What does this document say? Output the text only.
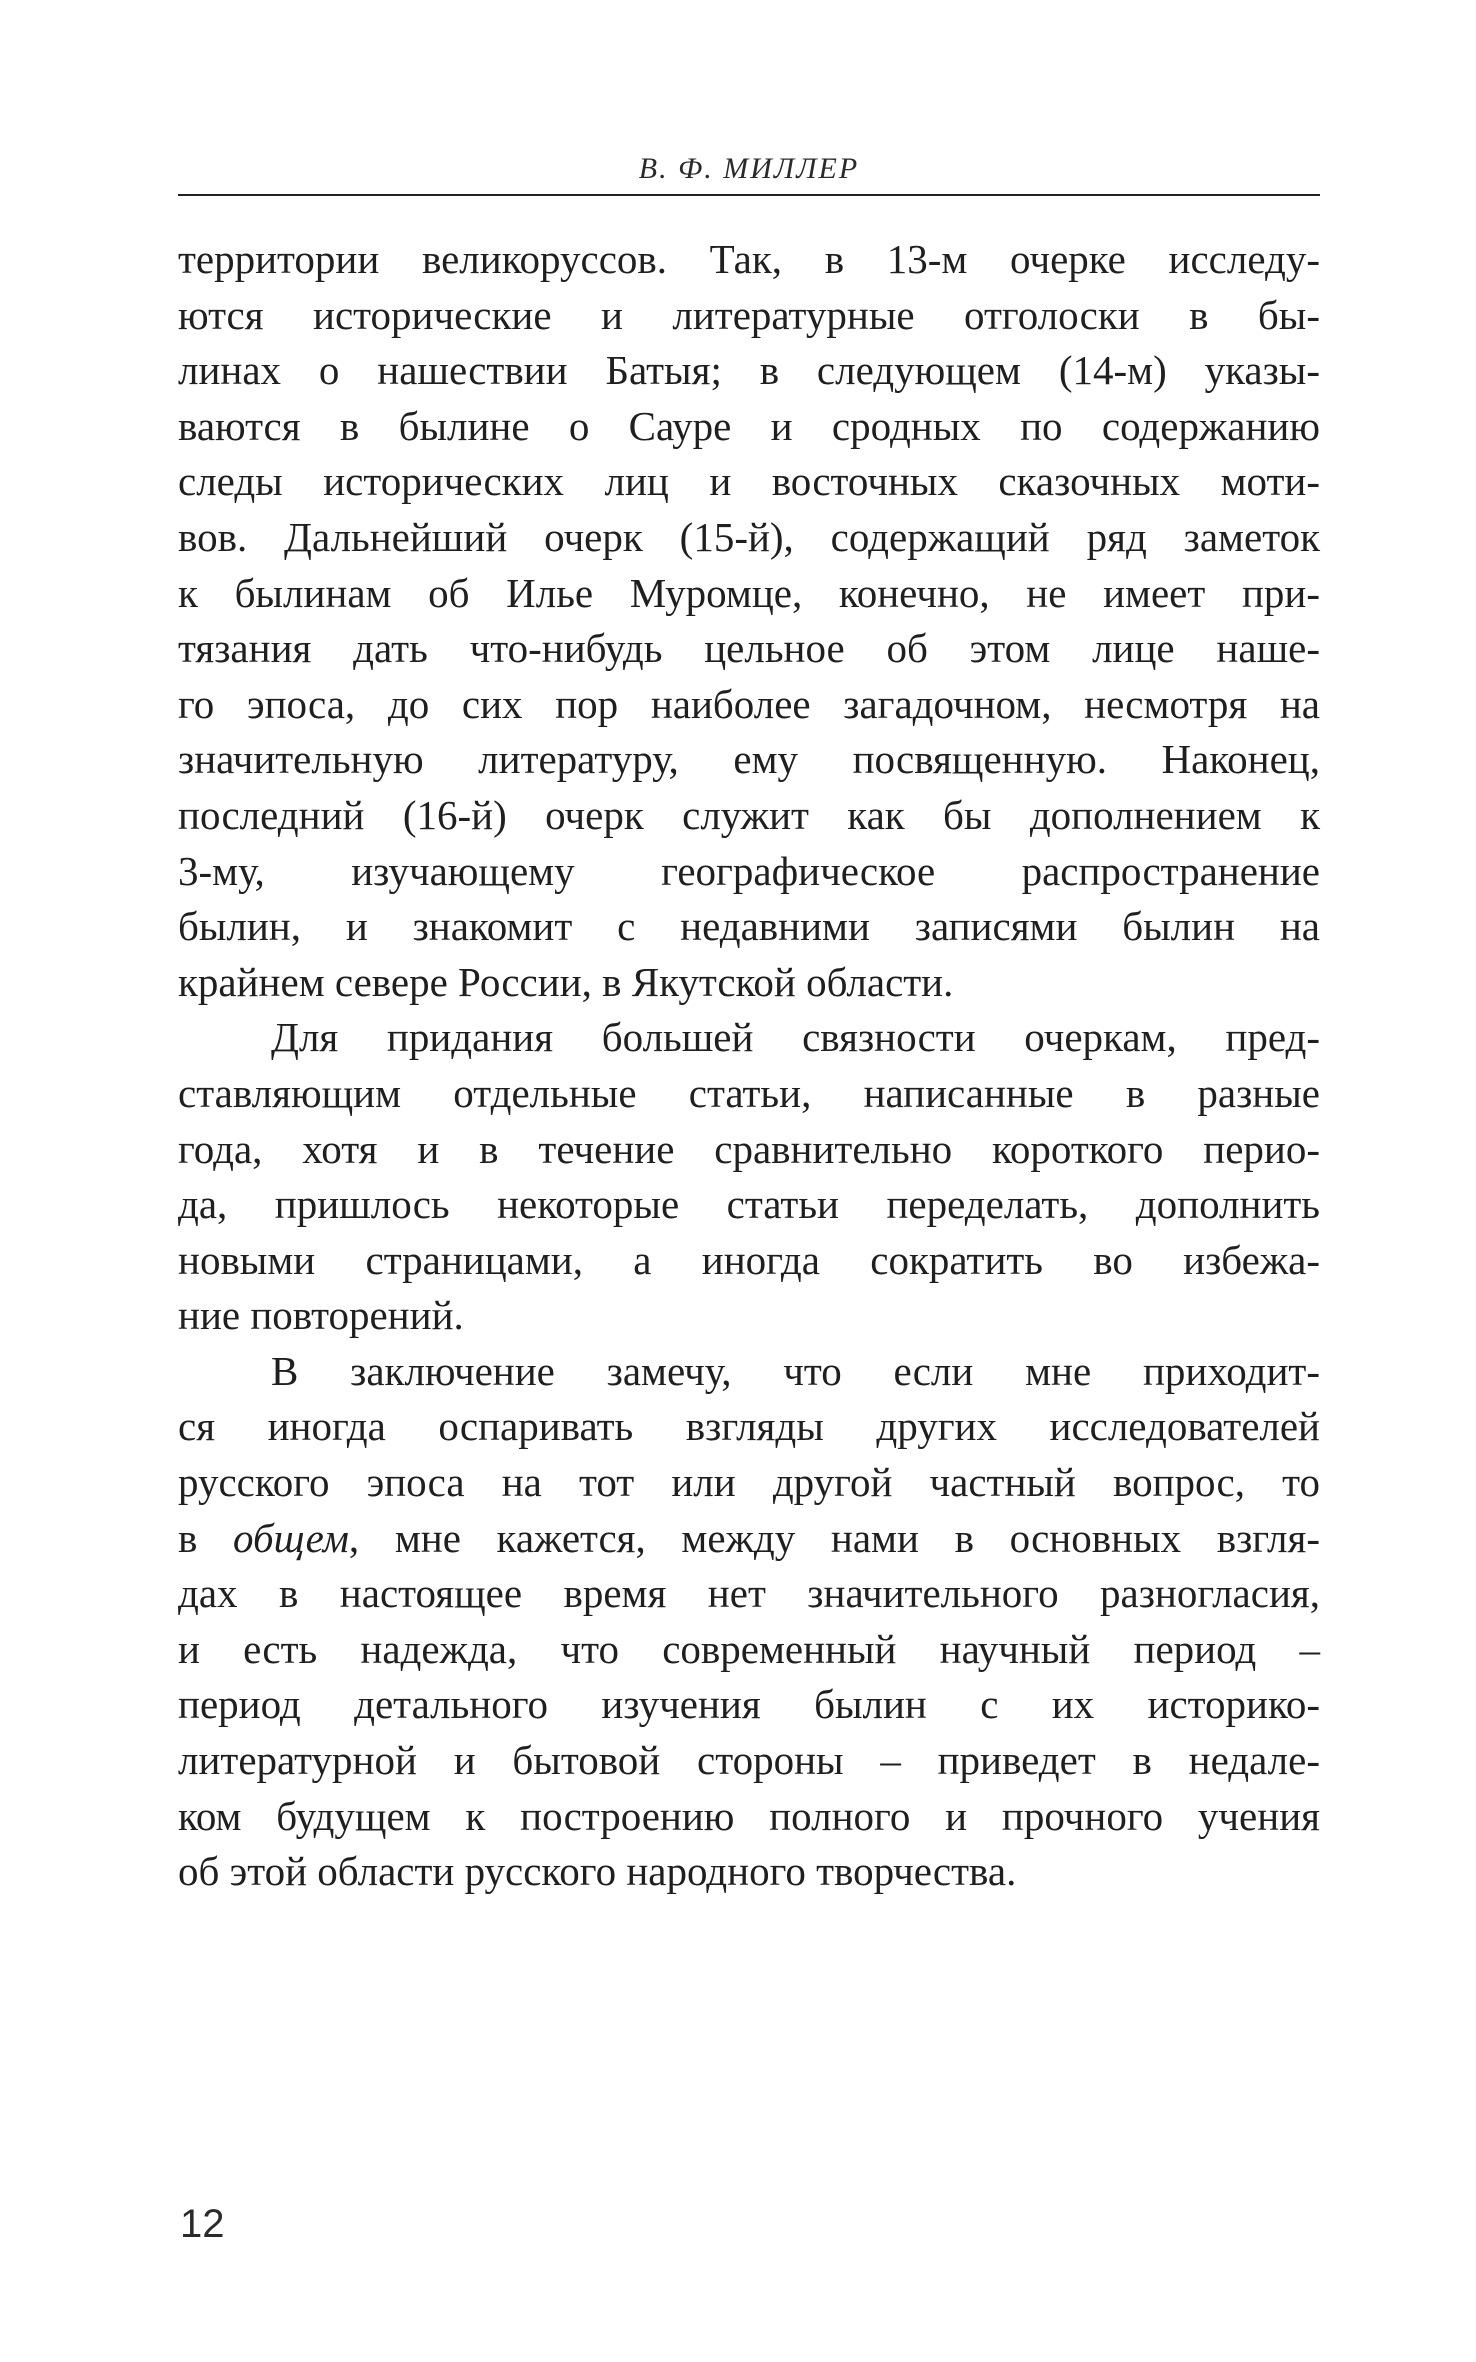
В. Ф. МИЛЛЕР
территории великоруссов. Так, в 13-м очерке исследу-
ются исторические и литературные отголоски в бы-
линах о нашествии Батыя; в следующем (14-м) указы-
ваются в былине о Сауре и сродных по содержанию
следы исторических лиц и восточных сказочных моти-
вов. Дальнейший очерк (15-й), содержащий ряд заметок
к былинам об Илье Муромце, конечно, не имеет при-
тязания дать что-нибудь цельное об этом лице наше-
го эпоса, до сих пор наиболее загадочном, несмотря на
значительную литературу, ему посвященную. Наконец,
последний (16-й) очерк служит как бы дополнением к
3-му, изучающему географическое распространение
былин, и знакомит с недавними записями былин на
крайнем севере России, в Якутской области.
Для придания большей связности очеркам, пред-
ставляющим отдельные статьи, написанные в разные
года, хотя и в течение сравнительно короткого перио-
да, пришлось некоторые статьи переделать, дополнить
новыми страницами, а иногда сократить во избежа-
ние повторений.
В заключение замечу, что если мне приходит-
ся иногда оспаривать взгляды других исследователей
русского эпоса на тот или другой частный вопрос, то
в общем, мне кажется, между нами в основных взгля-
дах в настоящее время нет значительного разногласия,
и есть надежда, что современный научный период –
период детального изучения былин с их историко-
литературной и бытовой стороны – приведет в недале-
ком будущем к построению полного и прочного учения
об этой области русского народного творчества.
12
